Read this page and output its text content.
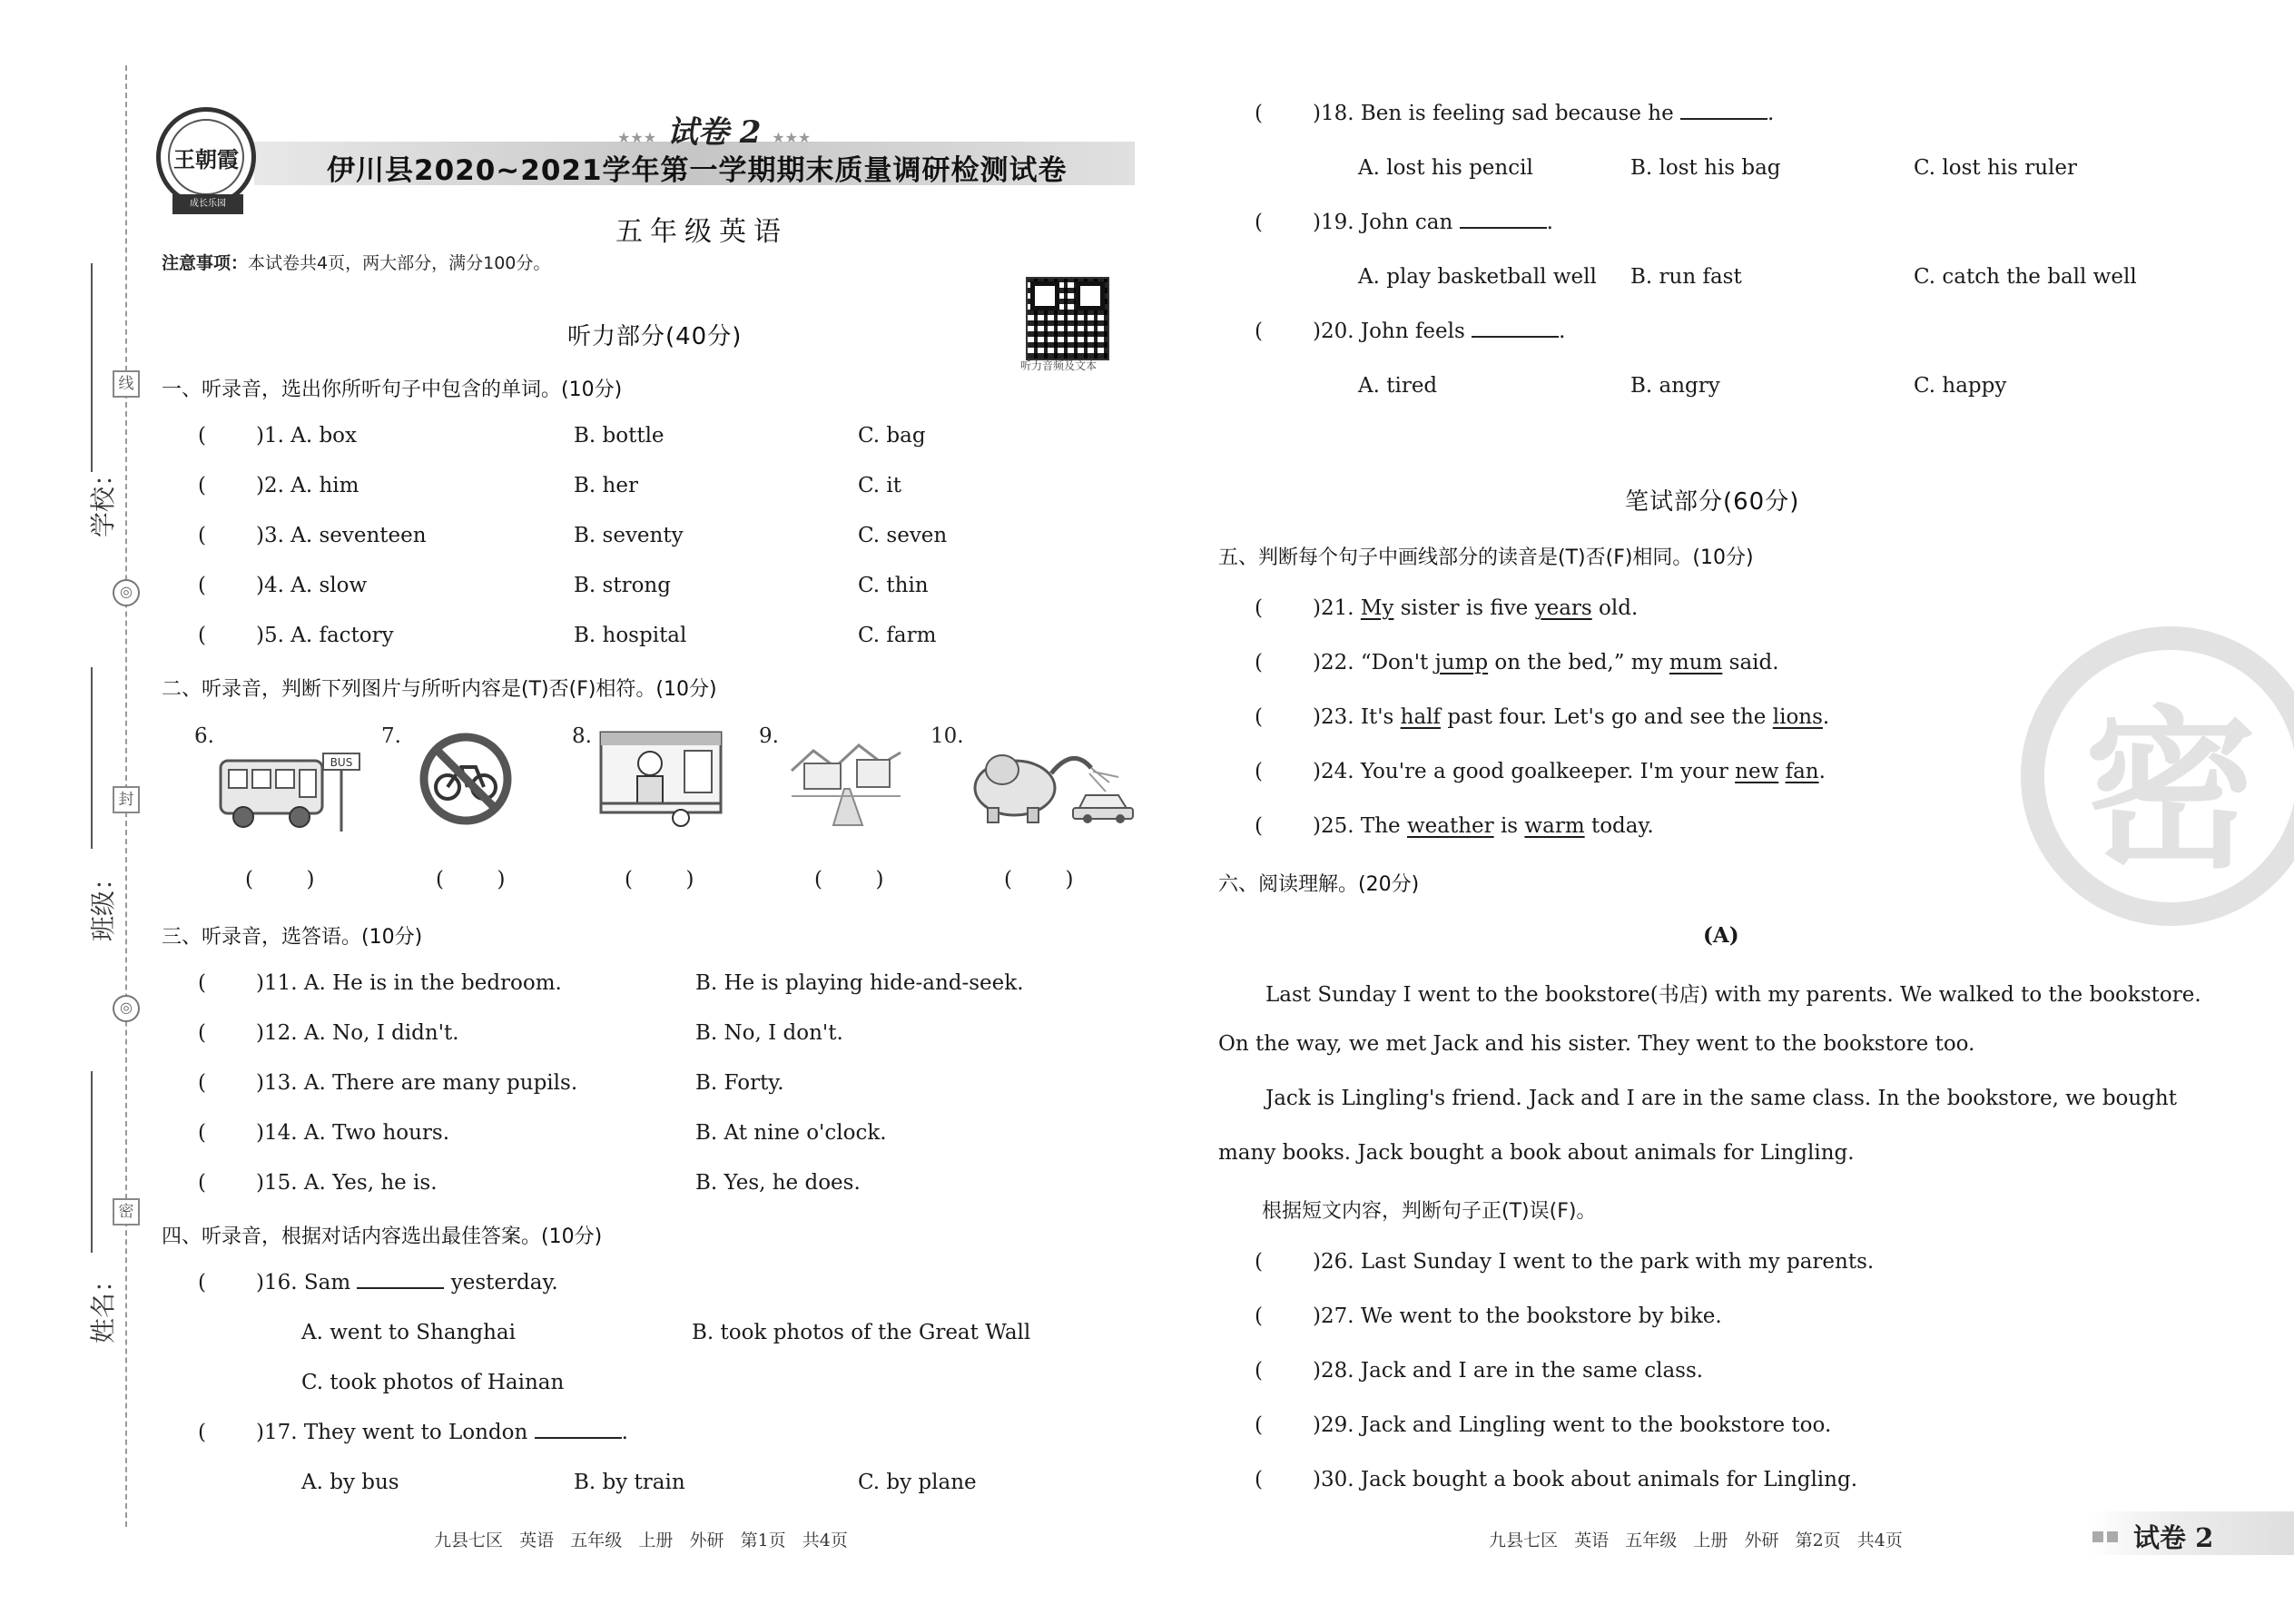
线
◎
封
◎
密
学校：
班级：
姓名：
王朝霞
成长乐园
★★★ 试卷 2 ★★★
伊川县2020~2021学年第一学期期末质量调研检测试卷
五年级英语
注意事项：本试卷共4页，两大部分，满分100分。
听力音频及文本
听力部分(40分)
一、听录音，选出你所听句子中包含的单词。(10分)
( )1. A. box	B. bottle	C. bag
( )2. A. him	B. her	C. it
( )3. A. seventeen	B. seventy	C. seven
( )4. A. slow	B. strong	C. thin
( )5. A. factory	B. hospital	C. farm
二、听录音，判断下列图片与所听内容是(T)否(F)相符。(10分)
6.
BUS
7.	8.	9.	10.
(        )	(        )	(        )	(        )	(        )
三、听录音，选答语。(10分)
( )11. A. He is in the bedroom.	B. He is playing hide-and-seek.
( )12. A. No, I didn't.	B. No, I don't.
( )13. A. There are many pupils.	B. Forty.
( )14. A. Two hours.	B. At nine o'clock.
( )15. A. Yes, he is.	B. Yes, he does.
四、听录音，根据对话内容选出最佳答案。(10分)
( )16. Sam	yesterday.
A. went to Shanghai	B. took photos of the Great Wall
C. took photos of Hainan
( )17. They went to London	.
A. by bus	B. by train	C. by plane
九县七区   英语   五年级   上册   外研   第1页   共4页
( )18. Ben is feeling sad because he	.
A. lost his pencil	B. lost his bag	C. lost his ruler
( )19. John can	.
A. play basketball well B. run fast	C. catch the ball well
( )20. John feels	.
A. tired	B. angry	C. happy
密
笔试部分(60分)
五、判断每个句子中画线部分的读音是(T)否(F)相同。(10分)
( )21. My sister is five years old.
( )22. “Don't jump on the bed,” my mum said.
( )23. It's half past four. Let's go and see the lions.
( )24. You're a good goalkeeper. I'm your new fan.
( )25. The weather is warm today.
六、阅读理解。(20分)
(A)
Last Sunday I went to the bookstore(书店) with my parents. We walked to the bookstore.
On the way, we met Jack and his sister. They went to the bookstore too.
Jack is Lingling's friend. Jack and I are in the same class. In the bookstore, we bought
many books. Jack bought a book about animals for Lingling.
根据短文内容，判断句子正(T)误(F)。
( )26. Last Sunday I went to the park with my parents.
( )27. We went to the bookstore by bike.
( )28. Jack and I are in the same class.
( )29. Jack and Lingling went to the bookstore too.
( )30. Jack bought a book about animals for Lingling.
九县七区   英语   五年级   上册   外研   第2页   共4页	试卷 2
